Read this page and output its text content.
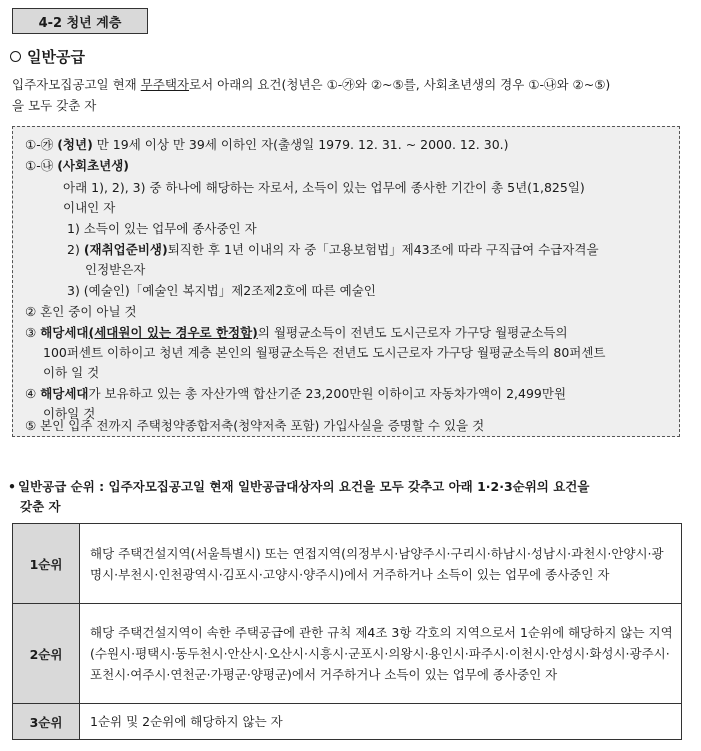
4-2 청년 계층
일반공급
입주자모집공고일 현재 무주택자로서 아래의 요건(청년은 ①-㉮와 ②~⑤를, 사회초년생의 경우 ①-㉯와 ②~⑤)
을 모두 갖춘 자
①-㉮ (청년) 만 19세 이상 만 39세 이하인 자(출생일 1979. 12. 31. ~ 2000. 12. 30.)
①-㉯ (사회초년생)
아래 1), 2), 3) 중 하나에 해당하는 자로서, 소득이 있는 업무에 종사한 기간이 총 5년(1,825일)
이내인 자
1) 소득이 있는 업무에 종사중인 자
2) (재취업준비생)퇴직한 후 1년 이내의 자 중「고용보험법」제43조에 따라 구직급여 수급자격을
인정받은자
3) (예술인)「예술인 복지법」제2조제2호에 따른 예술인
② 혼인 중이 아닐 것
③ 해당세대(세대원이 있는 경우로 한정함)의 월평균소득이 전년도 도시근로자 가구당 월평균소득의
100퍼센트 이하이고 청년 계층 본인의 월평균소득은 전년도 도시근로자 가구당 월평균소득의 80퍼센트
이하 일 것
④ 해당세대가 보유하고 있는 총 자산가액 합산기준 23,200만원 이하이고 자동차가액이 2,499만원
이하일 것
⑤ 본인 입주 전까지 주택청약종합저축(청약저축 포함) 가입사실을 증명할 수 있을 것
• 일반공급 순위 : 입주자모집공고일 현재 일반공급대상자의 요건을 모두 갖추고 아래 1·2·3순위의 요건을
갖춘 자
1순위	해당 주택건설지역(서울특별시) 또는 연접지역(의정부시·남양주시·구리시·하남시·성남시·과천시·안양시·광명시·부천시·인천광역시·김포시·고양시·양주시)에서 거주하거나 소득이 있는 업무에 종사중인 자
2순위	해당 주택건설지역이 속한 주택공급에 관한 규칙 제4조 3항 각호의 지역으로서 1순위에 해당하지 않는 지역(수원시·평택시·동두천시·안산시·오산시·시흥시·군포시·의왕시·용인시·파주시·이천시·안성시·화성시·광주시·포천시·여주시·연천군·가평군·양평군)에서 거주하거나 소득이 있는 업무에 종사중인 자
3순위	1순위 및 2순위에 해당하지 않는 자
